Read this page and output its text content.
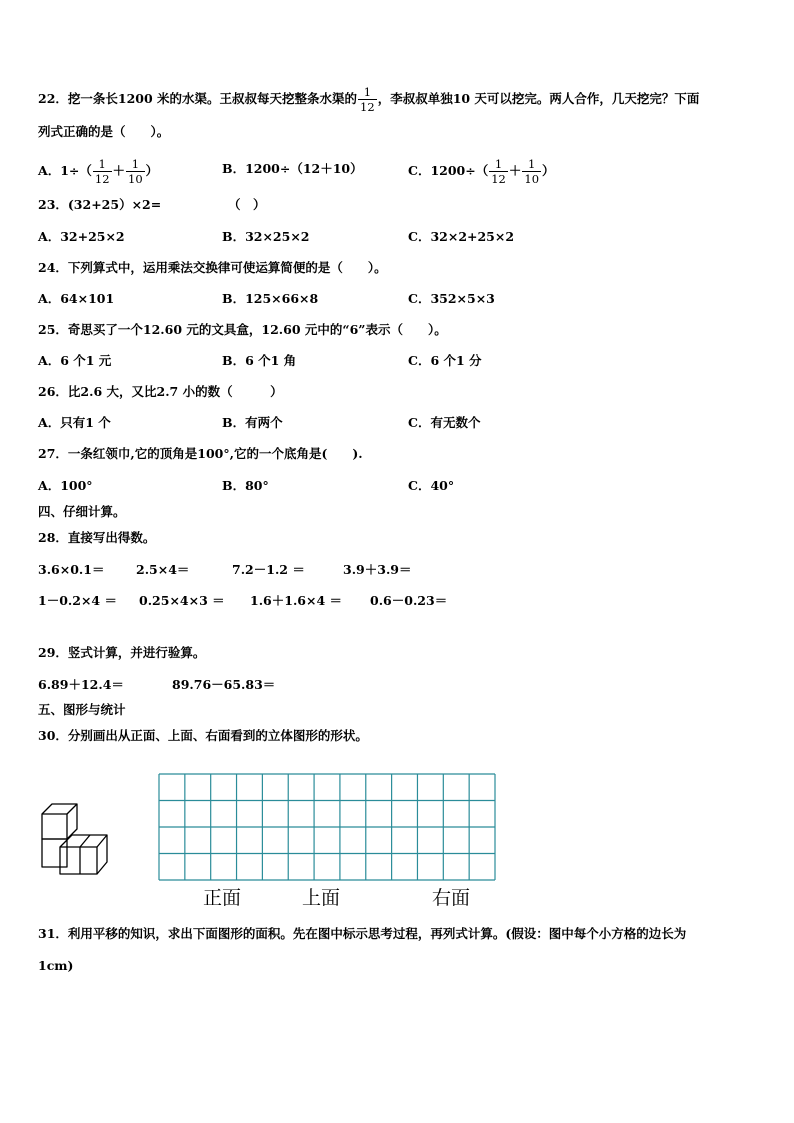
22．挖一条长1200 米的水渠。王叔叔每天挖整条水渠的 $\frac{1}{12}$ ，李叔叔单独10 天可以挖完。两人合作，几天挖完？下面
列式正确的是（　　）。
A．$1\div( \frac{1}{12} + \frac{1}{10}$ ）	B．1200÷（12＋10）	C．$1200\div( \frac{1}{12} + \frac{1}{10}$ ）
23．(32+25）×2=	（　）
A．32+25×2	B．32×25×2	C．32×2+25×2
24．下列算式中，运用乘法交换律可使运算简便的是（　　）。
A．64×101	B．125×66×8	C．352×5×3
25．奇思买了一个12.60 元的文具盒，12.60 元中的“6”表示（　　）。
A．6 个1 元	B．6 个1 角	C．6 个1 分
26．比2.6 大，又比2.7 小的数（　　　）
A．只有1 个	B．有两个	C．有无数个
27．一条红领巾,它的顶角是100°,它的一个底角是(　　).
A．100°	B．80°	C．40°
四、仔细计算。
28．直接写出得数。
3.6×0.1＝	2.5×4＝	7.2－1.2 ＝	3.9＋3.9＝
1－0.2×4 ＝ 0.25×4×3 ＝ 1.6＋1.6×4 ＝ 0.6－0.23＝
29．竖式计算，并进行验算。
6.89＋12.4＝	89.76－65.83＝
五、图形与统计
30．分别画出从正面、上面、右面看到的立体图形的形状。
正面	上面	右面
31．利用平移的知识，求出下面图形的面积。先在图中标示思考过程，再列式计算。(假设：图中每个小方格的边长为
1cm)
